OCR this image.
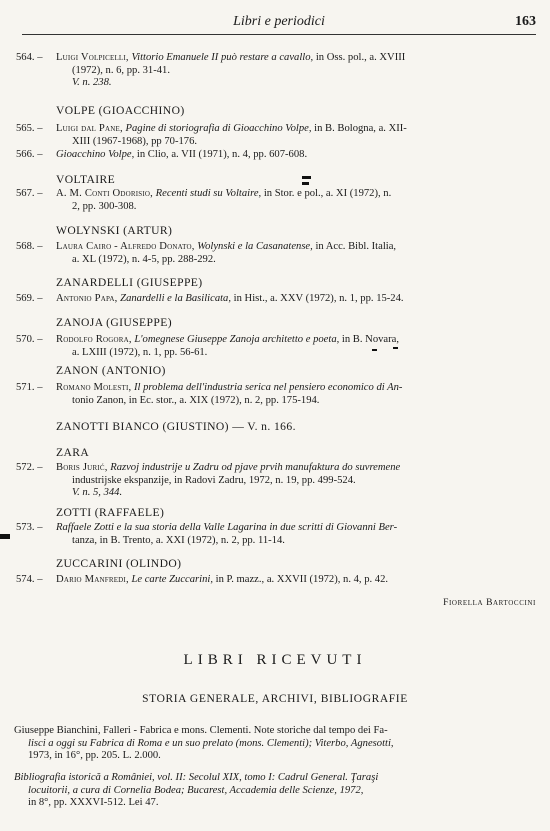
Libri e periodici	163
564. –	Luigi Volpicelli, Vittorio Emanuele II può restare a cavallo, in Oss. pol., a. XVIII
(1972), n. 6, pp. 31-41.
V. n. 238.
VOLPE (GIOACCHINO)
565. –	Luigi dal Pane, Pagine di storiografia di Gioacchino Volpe, in B. Bologna, a. XII-
XIII (1967-1968), pp 70-176.
566. –	Gioacchino Volpe, in Clio, a. VII (1971), n. 4, pp. 607-608.
VOLTAIRE
567. –	A. M. Conti Odorisio, Recenti studi su Voltaire, in Stor. e pol., a. XI (1972), n.
2, pp. 300-308.
WOLYNSKI (ARTUR)
568. –	Laura Cairo - Alfredo Donato, Wolynski e la Casanatense, in Acc. Bibl. Italia,
a. XL (1972), n. 4-5, pp. 288-292.
ZANARDELLI (GIUSEPPE)
569. –	Antonio Papa, Zanardelli e la Basilicata, in Hist., a. XXV (1972), n. 1, pp. 15-24.
ZANOJA (GIUSEPPE)
570. –	Rodolfo Rogora, L'omegnese Giuseppe Zanoja architetto e poeta, in B. Novara,
a. LXIII (1972), n. 1, pp. 56-61.
ZANON (ANTONIO)
571. –	Romano Molesti, Il problema dell'industria serica nel pensiero economico di An-
tonio Zanon, in Ec. stor., a. XIX (1972), n. 2, pp. 175-194.
ZANOTTI BIANCO (GIUSTINO) — V. n. 166.
ZARA
572. –	Boris Jurić, Razvoj industrije u Zadru od pjave prvih manufaktura do suvremene
industrijske ekspanzije, in Radovi Zadru, 1972, n. 19, pp. 499-524.
V. n. 5, 344.
ZOTTI (RAFFAELE)
573. –	Raffaele Zotti e la sua storia della Valle Lagarina in due scritti di Giovanni Ber-
tanza, in B. Trento, a. XXI (1972), n. 2, pp. 11-14.
ZUCCARINI (OLINDO)
574. –	Dario Manfredi, Le carte Zuccarini, in P. mazz., a. XXVII (1972), n. 4, p. 42.
Fiorella Bartoccini
LIBRI RICEVUTI
STORIA GENERALE, ARCHIVI, BIBLIOGRAFIE
Giuseppe Bianchini, Falleri - Fabrica e mons. Clementi. Note storiche dal tempo dei Fa-
lisci a oggi su Fabrica di Roma e un suo prelato (mons. Clementi); Viterbo, Agnesotti,
1973, in 16°, pp. 205. L. 2.000.
Bibliografia istorică a României, vol. II: Secolul XIX, tomo I: Cadrul General. Ţaraşi
locuitorii, a cura di Cornelia Bodea; Bucarest, Accademia delle Scienze, 1972,
in 8°, pp. XXXVI-512. Lei 47.
